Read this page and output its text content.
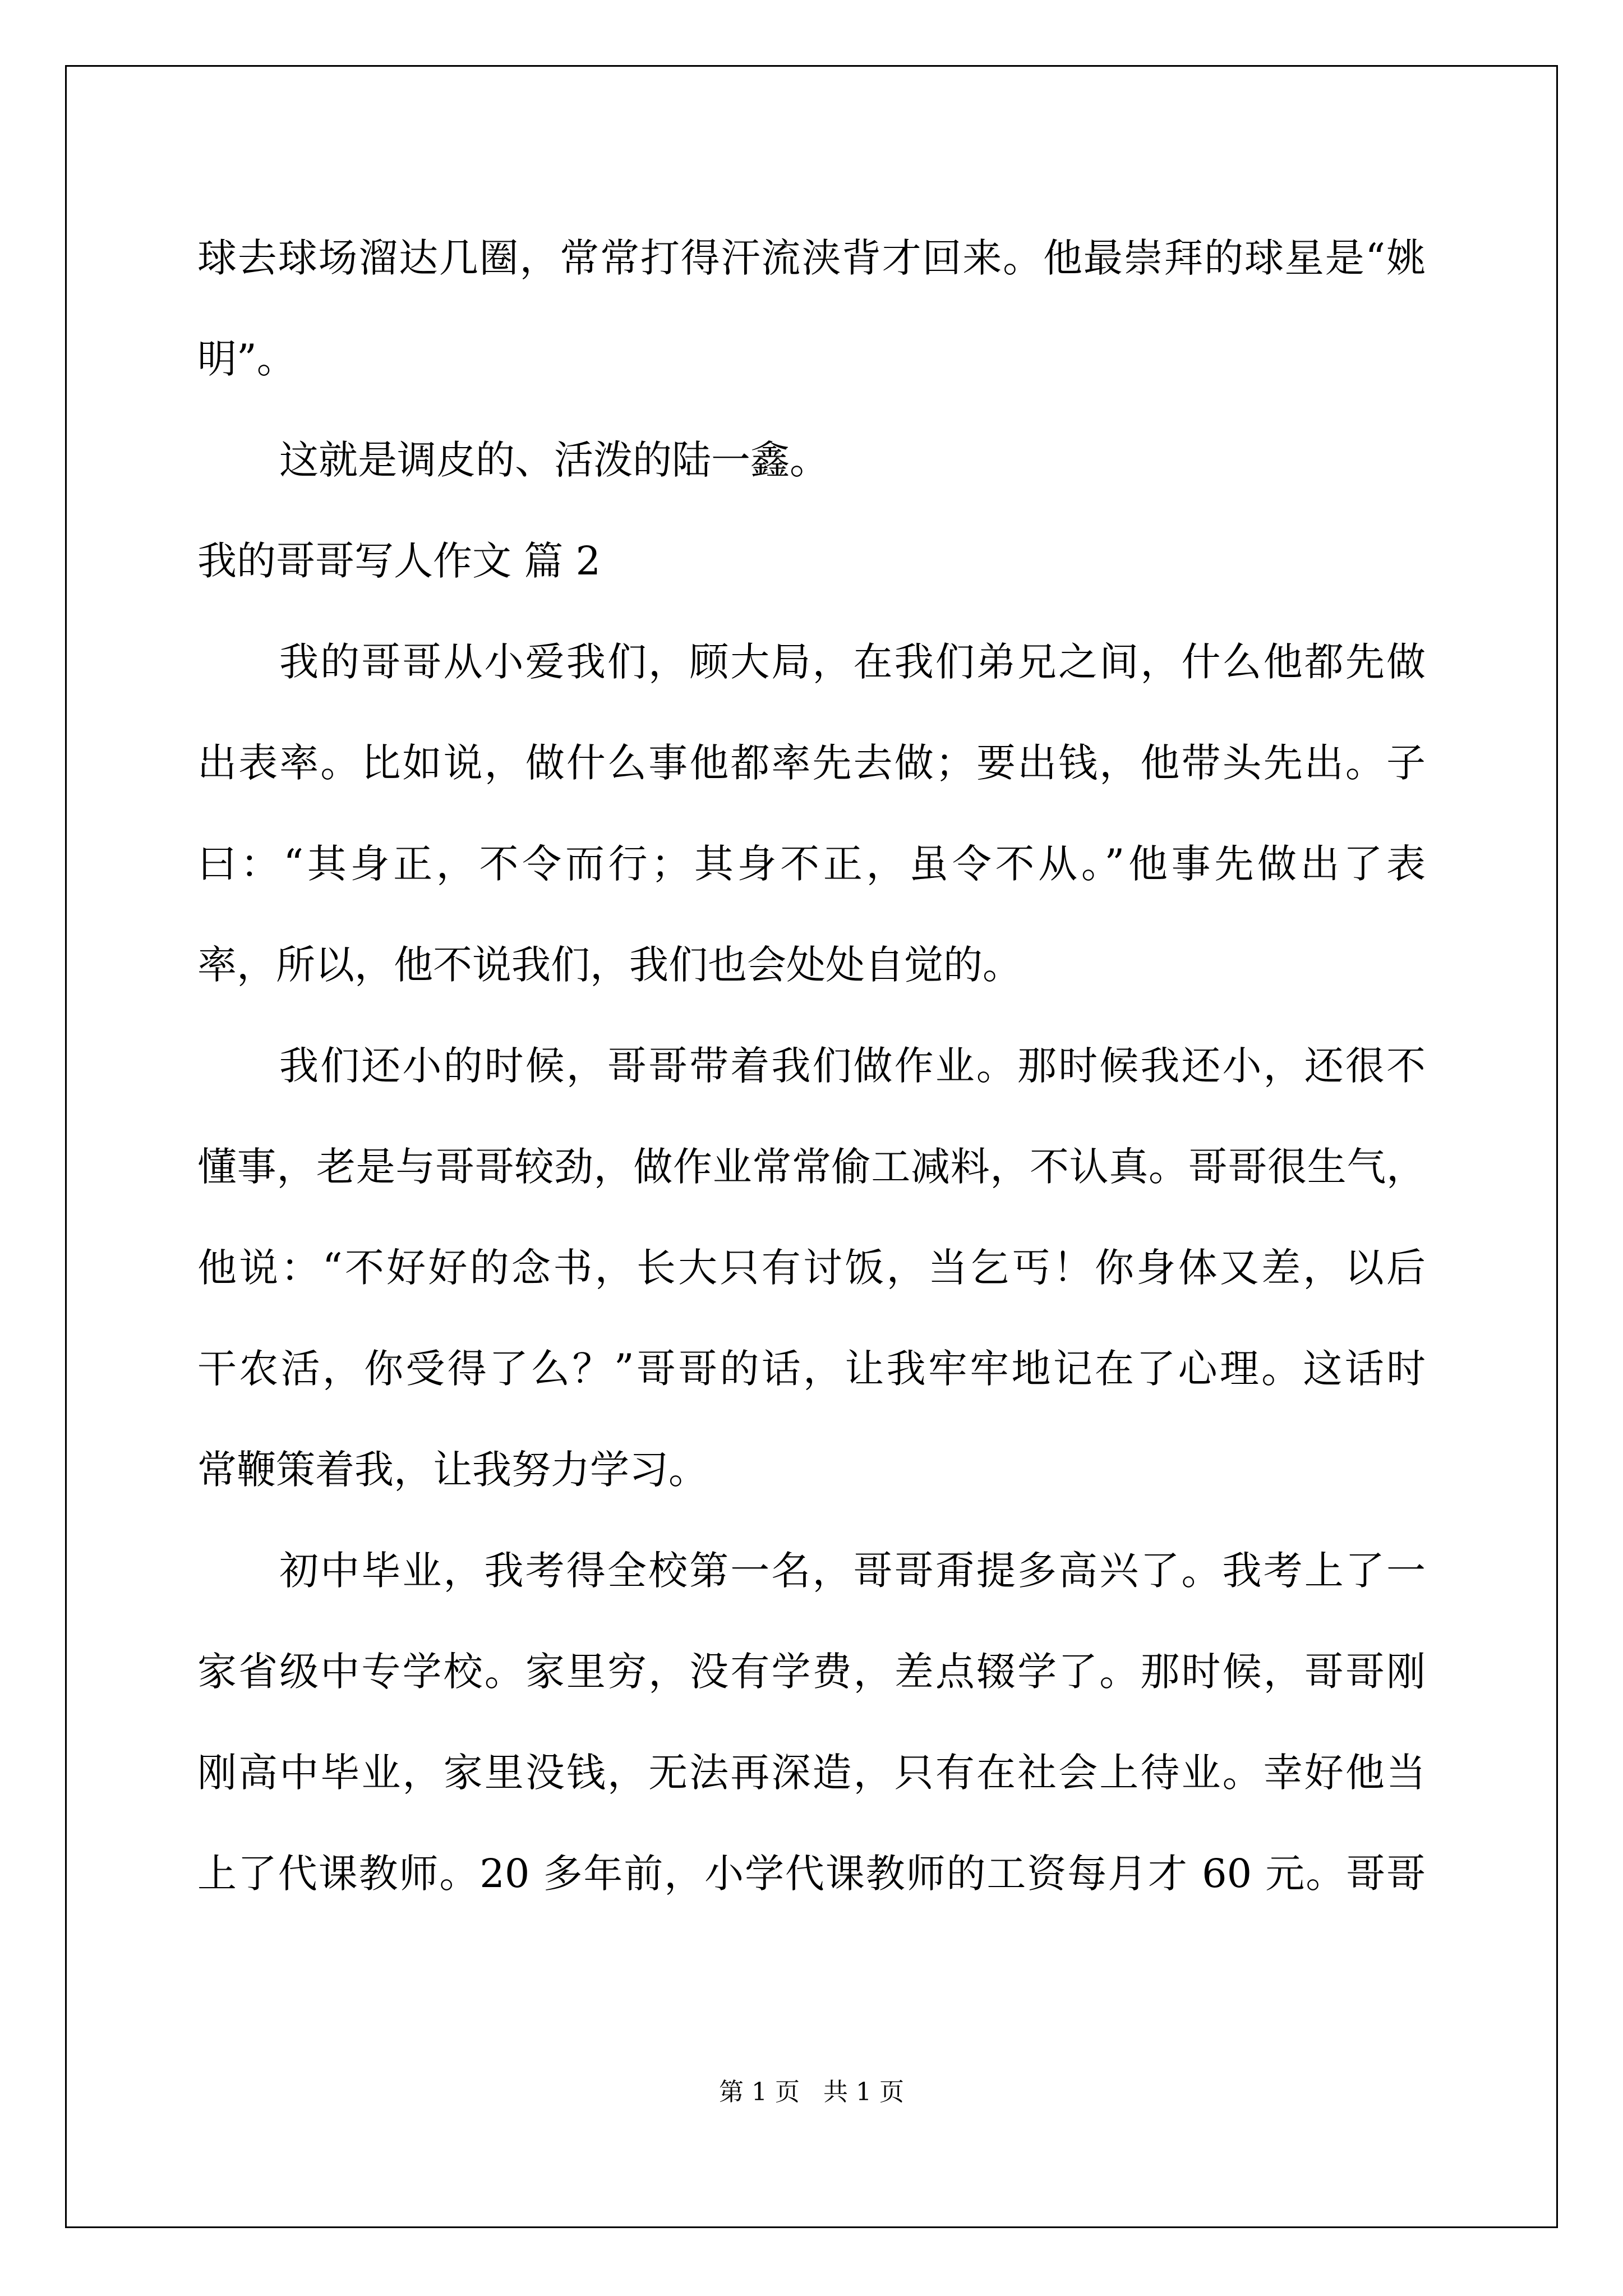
球去球场溜达几圈，常常打得汗流浃背才回来。他最崇拜的球星是“姚
明”。
这就是调皮的、活泼的陆一鑫。
我的哥哥写人作文 篇 2
我的哥哥从小爱我们，顾大局，在我们弟兄之间，什么他都先做
出表率。比如说，做什么事他都率先去做；要出钱，他带头先出。子
曰：“其身正，不令而行；其身不正，虽令不从。”他事先做出了表
率，所以，他不说我们，我们也会处处自觉的。
我们还小的时候，哥哥带着我们做作业。那时候我还小，还很不
懂事，老是与哥哥较劲，做作业常常偷工减料，不认真。哥哥很生气，
他说：“不好好的念书，长大只有讨饭，当乞丐！你身体又差，以后
干农活，你受得了么？”哥哥的话，让我牢牢地记在了心理。这话时
常鞭策着我，让我努力学习。
初中毕业，我考得全校第一名，哥哥甭提多高兴了。我考上了一
家省级中专学校。家里穷，没有学费，差点辍学了。那时候，哥哥刚
刚高中毕业，家里没钱，无法再深造，只有在社会上待业。幸好他当
上了代课教师。20 多年前，小学代课教师的工资每月才 60 元。哥哥
第 1 页   共 1 页
